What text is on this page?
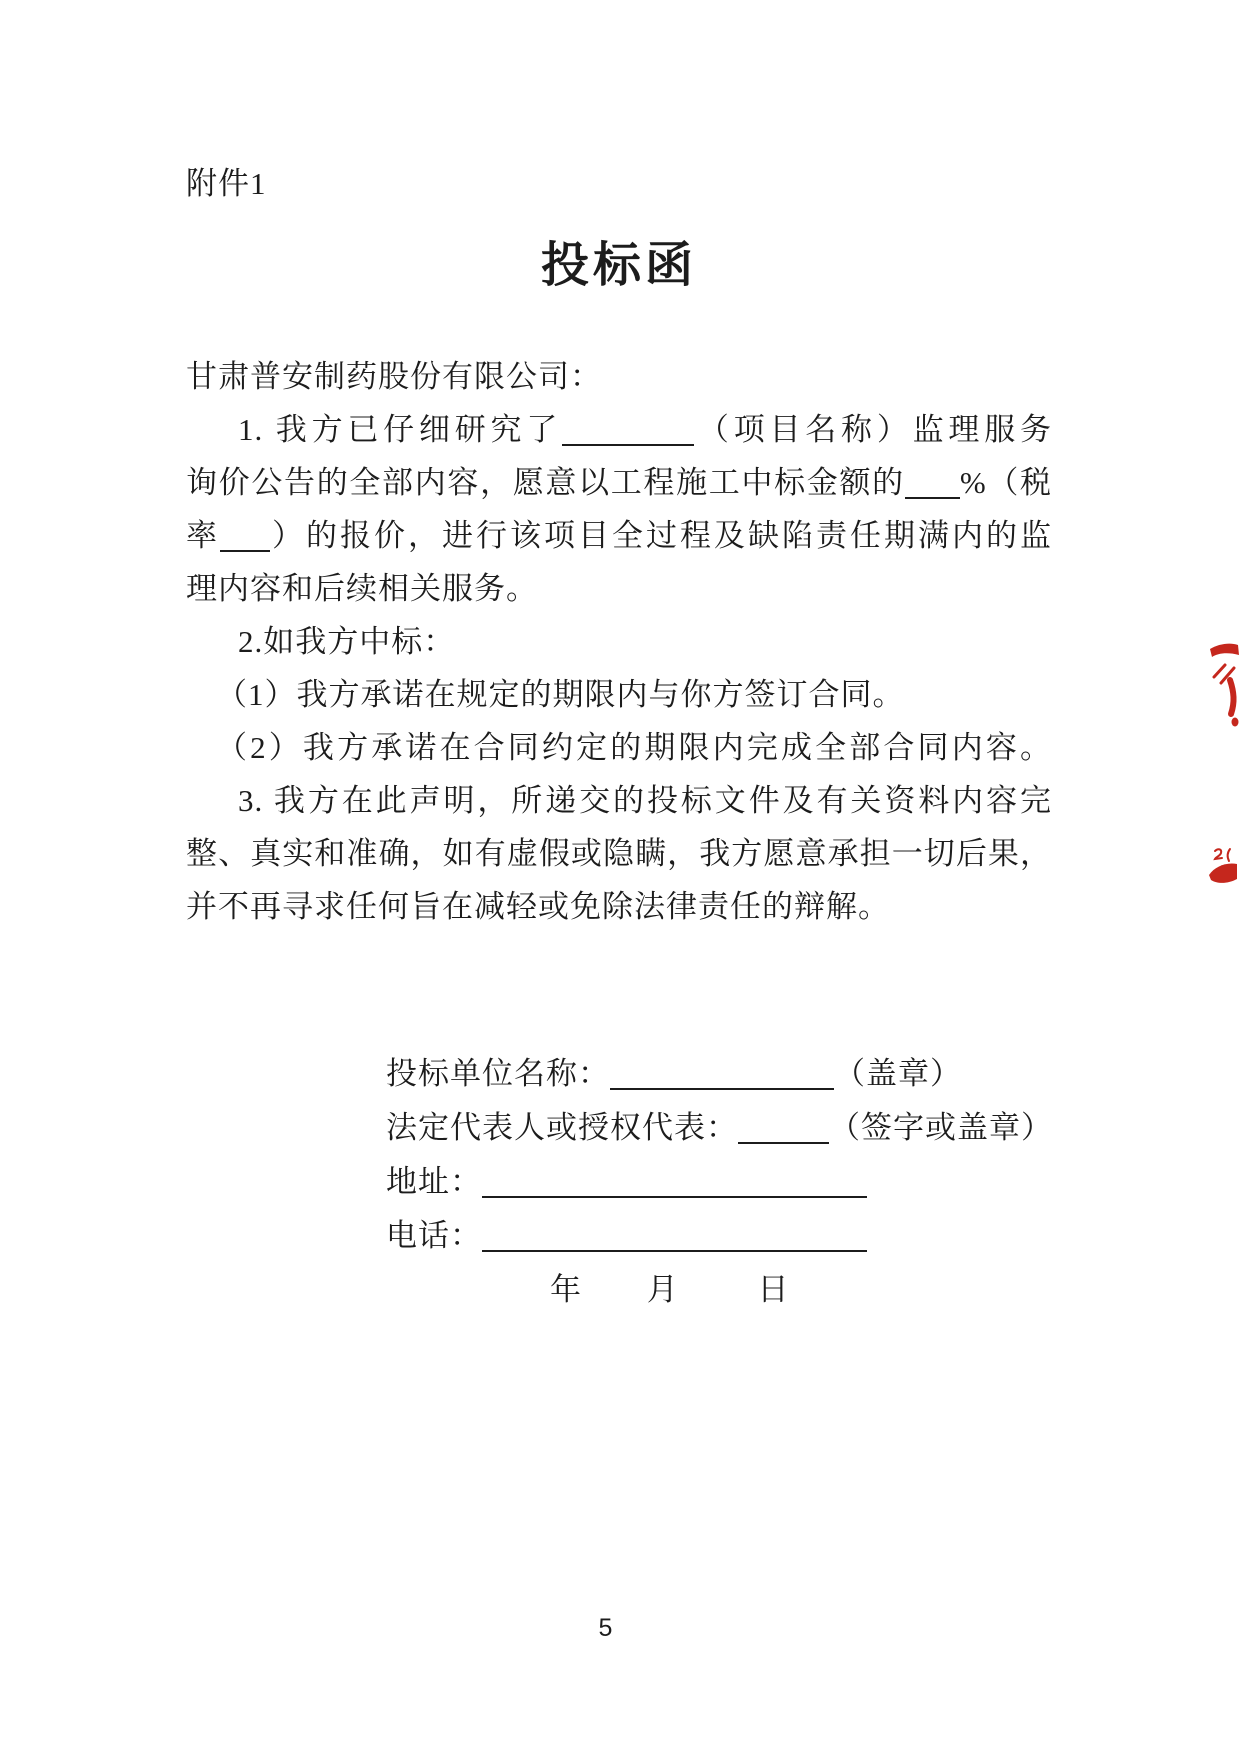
附件1
投标函
甘肃普安制药股份有限公司：
1. 我方已仔细研究了	（项目名称）监理服务
询价公告的全部内容，愿意以工程施工中标金额的 %（税
率 ）的报价，进行该项目全过程及缺陷责任期满内的监
理内容和后续相关服务。
2.如我方中标：
（1）我方承诺在规定的期限内与你方签订合同。
（2）我方承诺在合同约定的期限内完成全部合同内容。
3. 我方在此声明，所递交的投标文件及有关资料内容完
整、真实和准确，如有虚假或隐瞒，我方愿意承担一切后果，
并不再寻求任何旨在减轻或免除法律责任的辩解。
投标单位名称：	（盖章）
法定代表人或授权代表：	（签字或盖章）
地址：
电话：
年 月	日
5
